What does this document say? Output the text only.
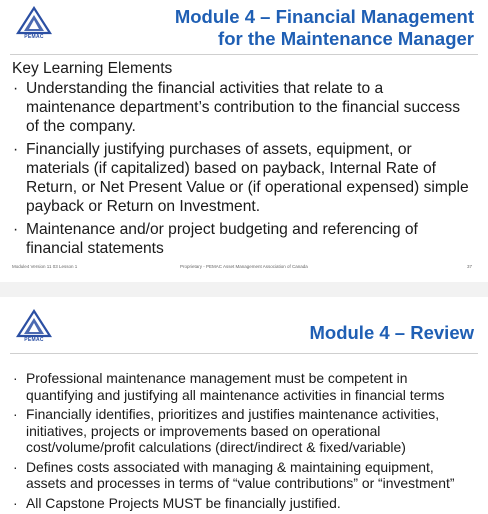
PEMAC
Module 4 – Financial Management
for the Maintenance Manager
Key Learning Elements
· Understanding the financial activities that relate to a maintenance department’s contribution to the financial success of the company.
· Financially justifying purchases of assets, equipment, or materials (if capitalized) based on payback, Internal Rate of Return, or Net Present Value or (if operational expensed) simple payback or Return on Investment.
· Maintenance and/or project budgeting and referencing of financial statements
Module4 Version 11 03 Lesson 1	Proprietary - PEMAC Asset Management Association of Canada	37
PEMAC	Module 4 – Review
· Professional maintenance management must be competent in quantifying and justifying all maintenance activities in financial terms
· Financially identifies, prioritizes and justifies maintenance activities, initiatives, projects or improvements based on operational cost/volume/profit calculations (direct/indirect & fixed/variable)
· Defines costs associated with managing & maintaining equipment, assets and processes in terms of “value contributions” or “investment”
· All Capstone Projects MUST be financially justified.
